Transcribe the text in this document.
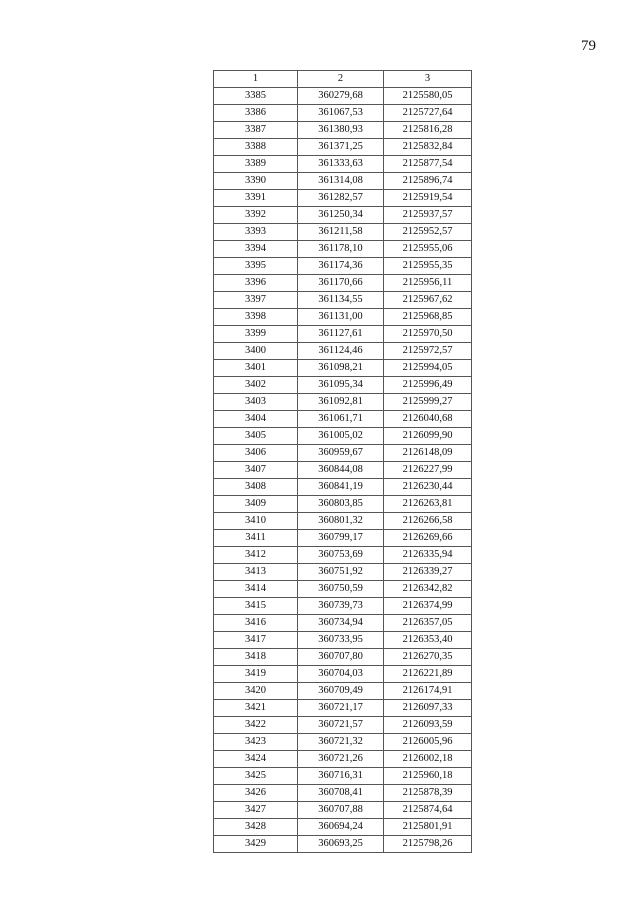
79
1	2	3
3385	360279,68	2125580,05
3386	361067,53	2125727,64
3387	361380,93	2125816,28
3388	361371,25	2125832,84
3389	361333,63	2125877,54
3390	361314,08	2125896,74
3391	361282,57	2125919,54
3392	361250,34	2125937,57
3393	361211,58	2125952,57
3394	361178,10	2125955,06
3395	361174,36	2125955,35
3396	361170,66	2125956,11
3397	361134,55	2125967,62
3398	361131,00	2125968,85
3399	361127,61	2125970,50
3400	361124,46	2125972,57
3401	361098,21	2125994,05
3402	361095,34	2125996,49
3403	361092,81	2125999,27
3404	361061,71	2126040,68
3405	361005,02	2126099,90
3406	360959,67	2126148,09
3407	360844,08	2126227,99
3408	360841,19	2126230,44
3409	360803,85	2126263,81
3410	360801,32	2126266,58
3411	360799,17	2126269,66
3412	360753,69	2126335,94
3413	360751,92	2126339,27
3414	360750,59	2126342,82
3415	360739,73	2126374,99
3416	360734,94	2126357,05
3417	360733,95	2126353,40
3418	360707,80	2126270,35
3419	360704,03	2126221,89
3420	360709,49	2126174,91
3421	360721,17	2126097,33
3422	360721,57	2126093,59
3423	360721,32	2126005,96
3424	360721,26	2126002,18
3425	360716,31	2125960,18
3426	360708,41	2125878,39
3427	360707,88	2125874,64
3428	360694,24	2125801,91
3429	360693,25	2125798,26
